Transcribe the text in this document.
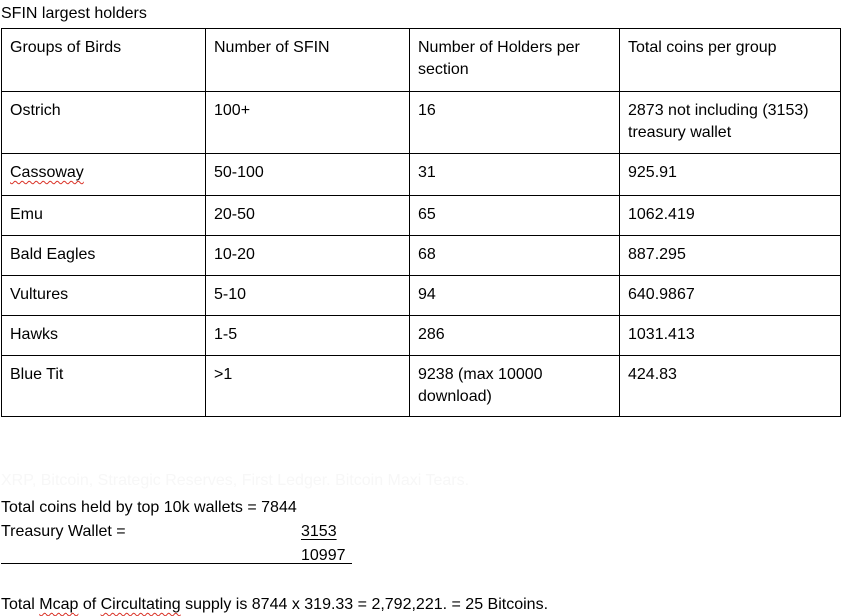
SFIN largest holders
Groups of Birds	Number of SFIN	Number of Holders per section	Total coins per group
Ostrich	100+	16	2873 not including (3153) treasury wallet
Cassoway	50-100	31	925.91
Emu	20-50	65	1062.419
Bald Eagles	10-20	68	887.295
Vultures	5-10	94	640.9867
Hawks	1-5	286	1031.413
Blue Tit	>1	9238 (max 10000 download)	424.83
XRP, Bitcoin, Strategic Reserves, First Ledger. Bitcoin Maxi Tears.
Total coins held by top 10k wallets = 7844
Treasury Wallet =	3153
10997
Total Mcap of Circultating supply is 8744 x 319.33 = 2,792,221. = 25 Bitcoins.
